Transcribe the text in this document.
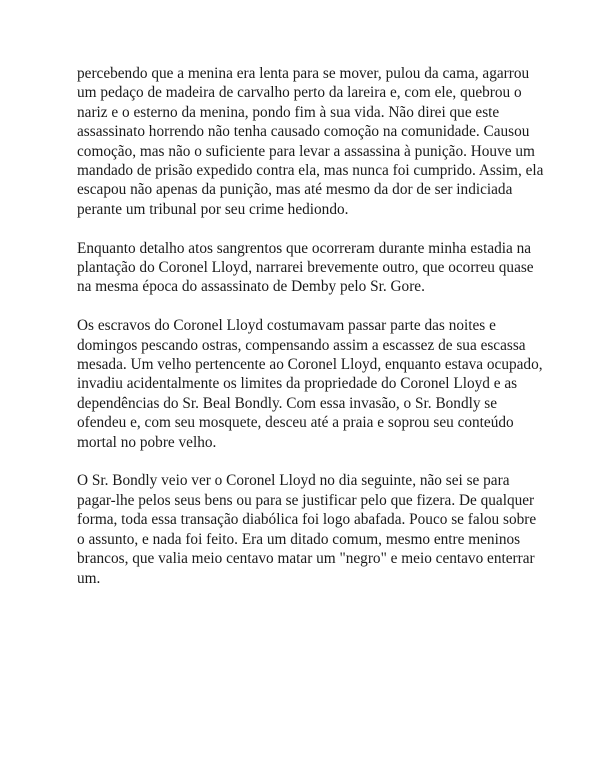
percebendo que a menina era lenta para se mover, pulou da cama, agarrou
um pedaço de madeira de carvalho perto da lareira e, com ele, quebrou o
nariz e o esterno da menina, pondo fim à sua vida. Não direi que este
assassinato horrendo não tenha causado comoção na comunidade. Causou
comoção, mas não o suficiente para levar a assassina à punição. Houve um
mandado de prisão expedido contra ela, mas nunca foi cumprido. Assim, ela
escapou não apenas da punição, mas até mesmo da dor de ser indiciada
perante um tribunal por seu crime hediondo.

Enquanto detalho atos sangrentos que ocorreram durante minha estadia na
plantação do Coronel Lloyd, narrarei brevemente outro, que ocorreu quase
na mesma época do assassinato de Demby pelo Sr. Gore.

Os escravos do Coronel Lloyd costumavam passar parte das noites e
domingos pescando ostras, compensando assim a escassez de sua escassa
mesada. Um velho pertencente ao Coronel Lloyd, enquanto estava ocupado,
invadiu acidentalmente os limites da propriedade do Coronel Lloyd e as
dependências do Sr. Beal Bondly. Com essa invasão, o Sr. Bondly se
ofendeu e, com seu mosquete, desceu até a praia e soprou seu conteúdo
mortal no pobre velho.

O Sr. Bondly veio ver o Coronel Lloyd no dia seguinte, não sei se para
pagar-lhe pelos seus bens ou para se justificar pelo que fizera. De qualquer
forma, toda essa transação diabólica foi logo abafada. Pouco se falou sobre
o assunto, e nada foi feito. Era um ditado comum, mesmo entre meninos
brancos, que valia meio centavo matar um "negro" e meio centavo enterrar
um.
